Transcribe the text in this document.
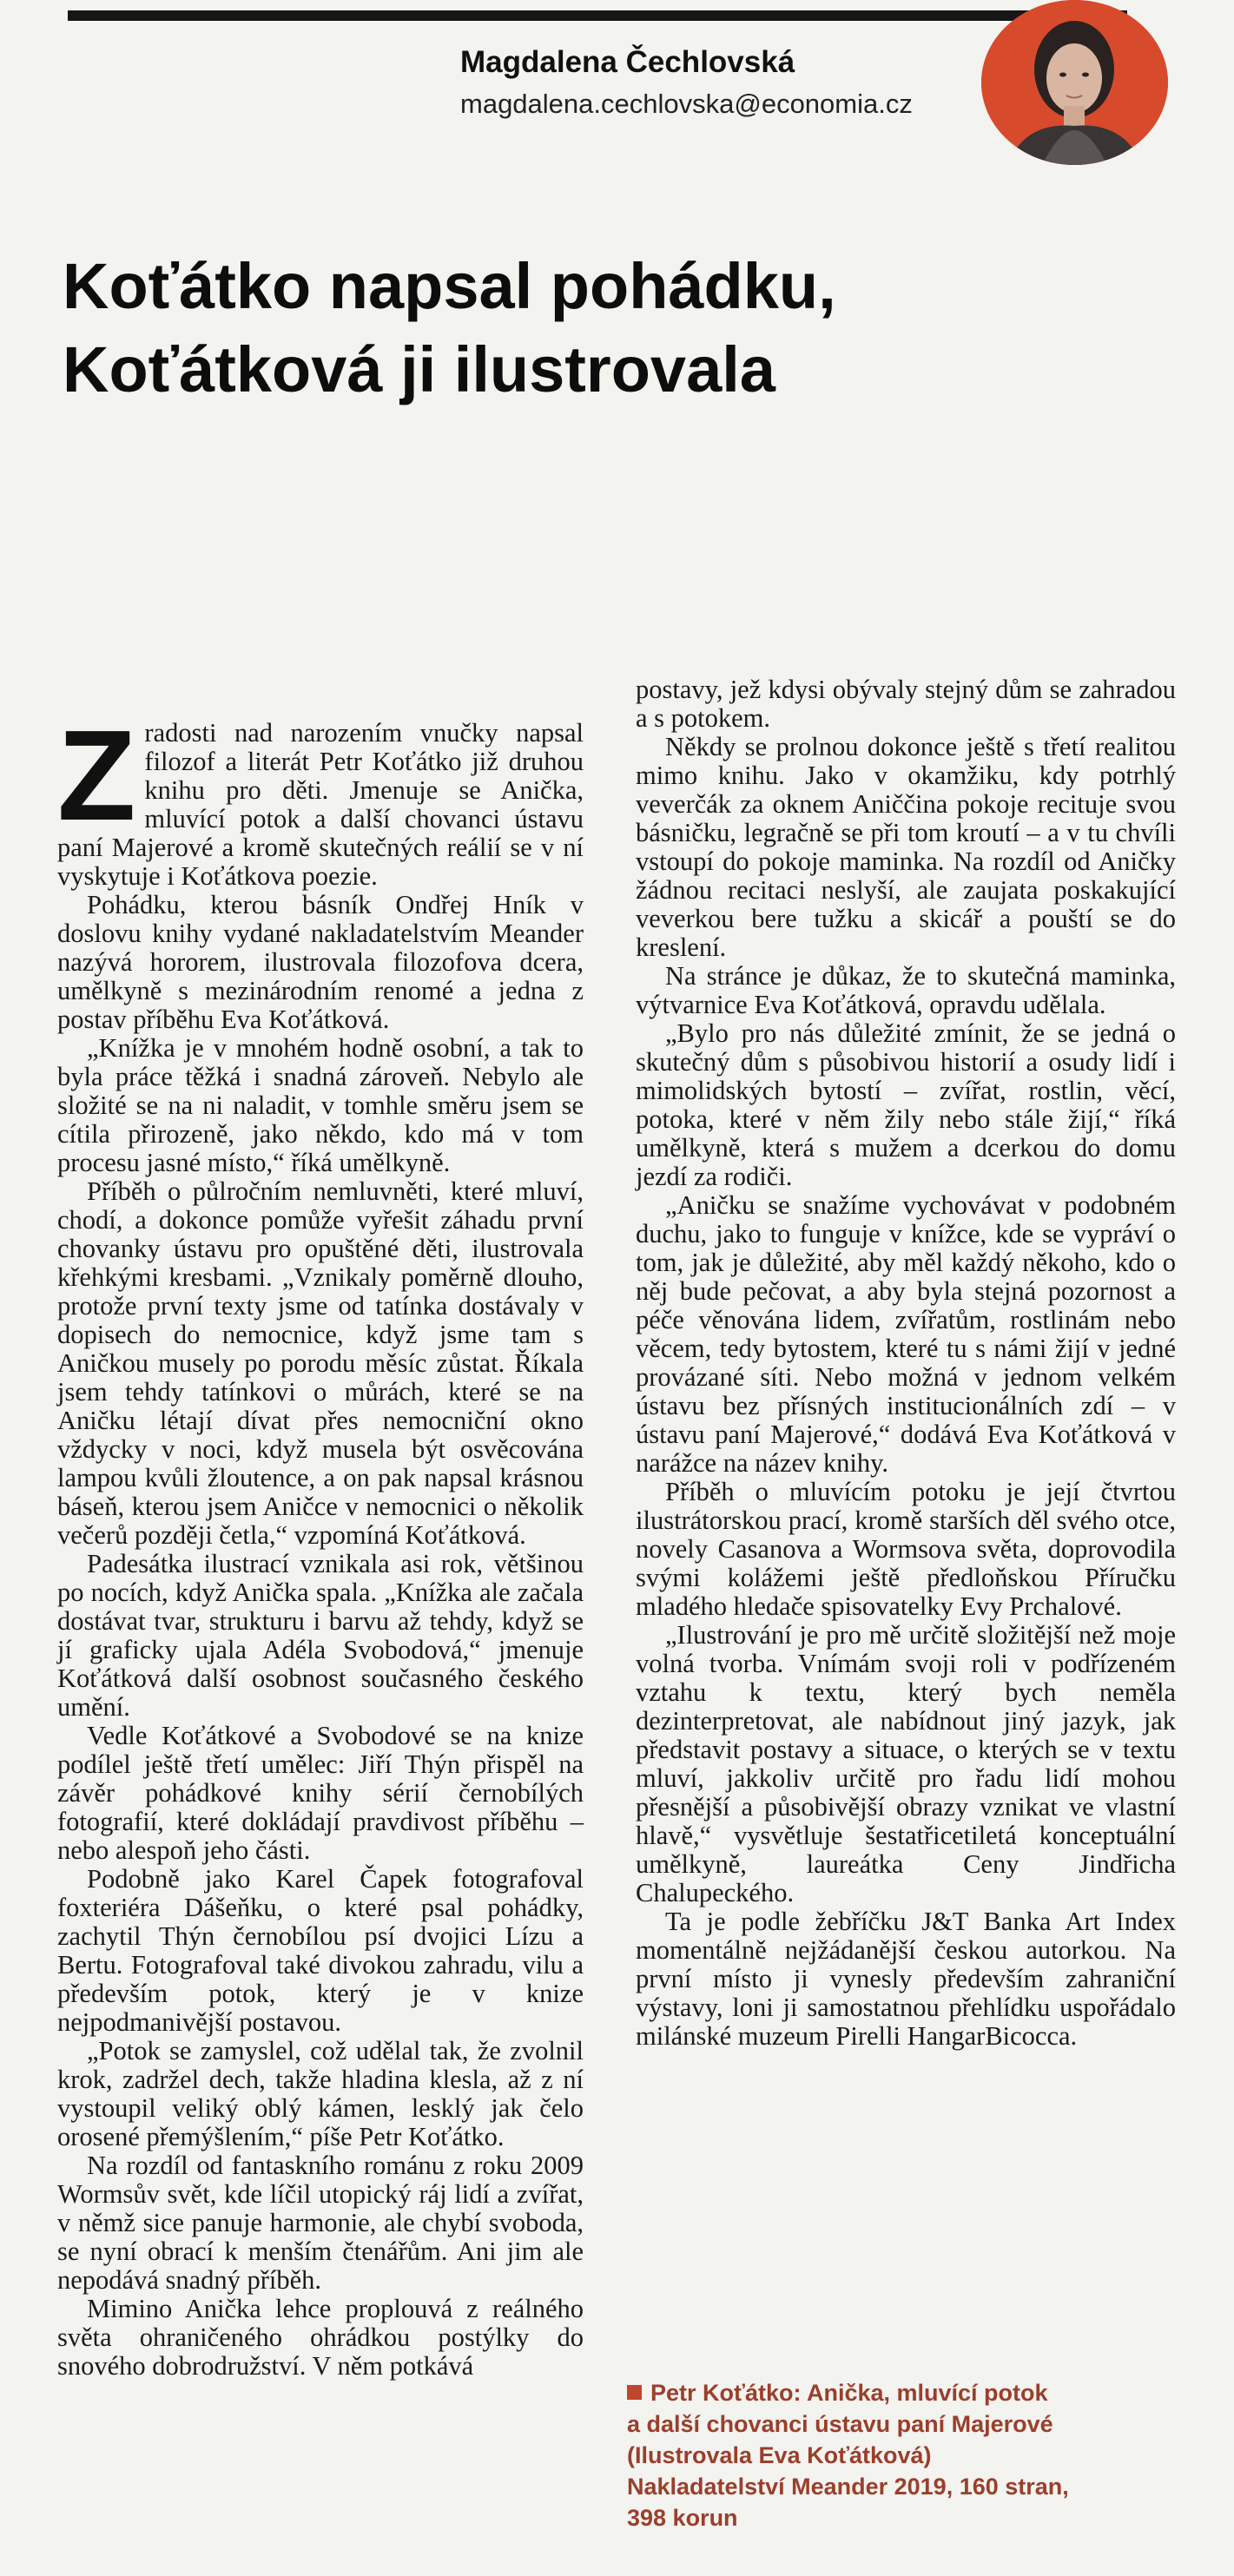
Magdalena Čechlovská
magdalena.cechlovska@economia.cz
Koťátko napsal pohádku, Koťátková ji ilustrovala

Zradosti nad narozením vnučky napsal filozof a literát Petr Koťátko již druhou knihu pro děti. Jmenuje se Anička, mluvící potok a další chovanci ústavu paní Majerové a kromě skutečných reálií se v ní vyskytuje i Koťátkova poezie.

Pohádku, kterou básník Ondřej Hník v doslovu knihy vydané nakladatelstvím Meander nazývá hororem, ilustrovala filozofova dcera, umělkyně s mezinárodním renomé a jedna z postav příběhu Eva Koťátková.

„Knížka je v mnohém hodně osobní, a tak to byla práce těžká i snadná zároveň. Nebylo ale složité se na ni naladit, v tomhle směru jsem se cítila přirozeně, jako někdo, kdo má v tom procesu jasné místo,“ říká umělkyně.

Příběh o půlročním nemluvněti, které mluví, chodí, a dokonce pomůže vyřešit záhadu první chovanky ústavu pro opuštěné děti, ilustrovala křehkými kresbami. „Vznikaly poměrně dlouho, protože první texty jsme od tatínka dostávaly v dopisech do nemocnice, když jsme tam s Aničkou musely po porodu měsíc zůstat. Říkala jsem tehdy tatínkovi o můrách, které se na Aničku létají dívat přes nemocniční okno vždycky v noci, když musela být osvěcována lampou kvůli žloutence, a on pak napsal krásnou báseň, kterou jsem Aničce v nemocnici o několik večerů později četla,“ vzpomíná Koťátková.

Padesátka ilustrací vznikala asi rok, většinou po nocích, když Anička spala. „Knížka ale začala dostávat tvar, strukturu i barvu až tehdy, když se jí graficky ujala Adéla Svobodová,“ jmenuje Koťátková další osobnost současného českého umění.

Vedle Koťátkové a Svobodové se na knize podílel ještě třetí umělec: Jiří Thýn přispěl na závěr pohádkové knihy sérií černobílých fotografií, které dokládají pravdivost příběhu – nebo alespoň jeho části.

Podobně jako Karel Čapek fotografoval foxteriéra Dášeňku, o které psal pohádky, zachytil Thýn černobílou psí dvojici Lízu a Bertu. Fotografoval také divokou zahradu, vilu a především potok, který je v knize nejpodmanivější postavou.

„Potok se zamyslel, což udělal tak, že zvolnil krok, zadržel dech, takže hladina klesla, až z ní vystoupil veliký oblý kámen, lesklý jak čelo orosené přemýšlením,“ píše Petr Koťátko.

Na rozdíl od fantaskního románu z roku 2009 Wormsův svět, kde líčil utopický ráj lidí a zvířat, v němž sice panuje harmonie, ale chybí svoboda, se nyní obrací k menším čtenářům. Ani jim ale nepodává snadný příběh.

Mimino Anička lehce proplouvá z reálného světa ohraničeného ohrádkou postýlky do snového dobrodružství. V něm potkává

postavy, jež kdysi obývaly stejný dům se zahradou a s potokem.

Někdy se prolnou dokonce ještě s třetí realitou mimo knihu. Jako v okamžiku, kdy potrhlý veverčák za oknem Aniččina pokoje recituje svou básničku, legračně se při tom kroutí – a v tu chvíli vstoupí do pokoje maminka. Na rozdíl od Aničky žádnou recitaci neslyší, ale zaujata poskakující veverkou bere tužku a skicář a pouští se do kreslení.

Na stránce je důkaz, že to skutečná maminka, výtvarnice Eva Koťátková, opravdu udělala.

„Bylo pro nás důležité zmínit, že se jedná o skutečný dům s působivou historií a osudy lidí i mimolidských bytostí – zvířat, rostlin, věcí, potoka, které v něm žily nebo stále žijí,“ říká umělkyně, která s mužem a dcerkou do domu jezdí za rodiči.

„Aničku se snažíme vychovávat v podobném duchu, jako to funguje v knížce, kde se vypráví o tom, jak je důležité, aby měl každý někoho, kdo o něj bude pečovat, a aby byla stejná pozornost a péče věnována lidem, zvířatům, rostlinám nebo věcem, tedy bytostem, které tu s námi žijí v jedné provázané síti. Nebo možná v jednom velkém ústavu bez přísných institucionálních zdí – v ústavu paní Majerové,“ dodává Eva Koťátková v narážce na název knihy.

Příběh o mluvícím potoku je její čtvrtou ilustrátorskou prací, kromě starších děl svého otce, novely Casanova a Wormsova světa, doprovodila svými kolážemi ještě předloňskou Příručku mladého hledače spisovatelky Evy Prchalové.

„Ilustrování je pro mě určitě složitější než moje volná tvorba. Vnímám svoji roli v podřízeném vztahu k textu, který bych neměla dezinterpretovat, ale nabídnout jiný jazyk, jak představit postavy a situace, o kterých se v textu mluví, jakkoliv určitě pro řadu lidí mohou přesnější a působivější obrazy vznikat ve vlastní hlavě,“ vysvětluje šestatřicetiletá konceptuální umělkyně, laureátka Ceny Jindřicha Chalupeckého.

Ta je podle žebříčku J&T Banka Art Index momentálně nejžádanější českou autorkou. Na první místo ji vynesly především zahraniční výstavy, loni ji samostatnou přehlídku uspořádalo milánské muzeum Pirelli HangarBicocca.

Petr Koťátko: Anička, mluvící potok
a další chovanci ústavu paní Majerové
(Ilustrovala Eva Koťátková)
Nakladatelství Meander 2019, 160 stran,
398 korun
